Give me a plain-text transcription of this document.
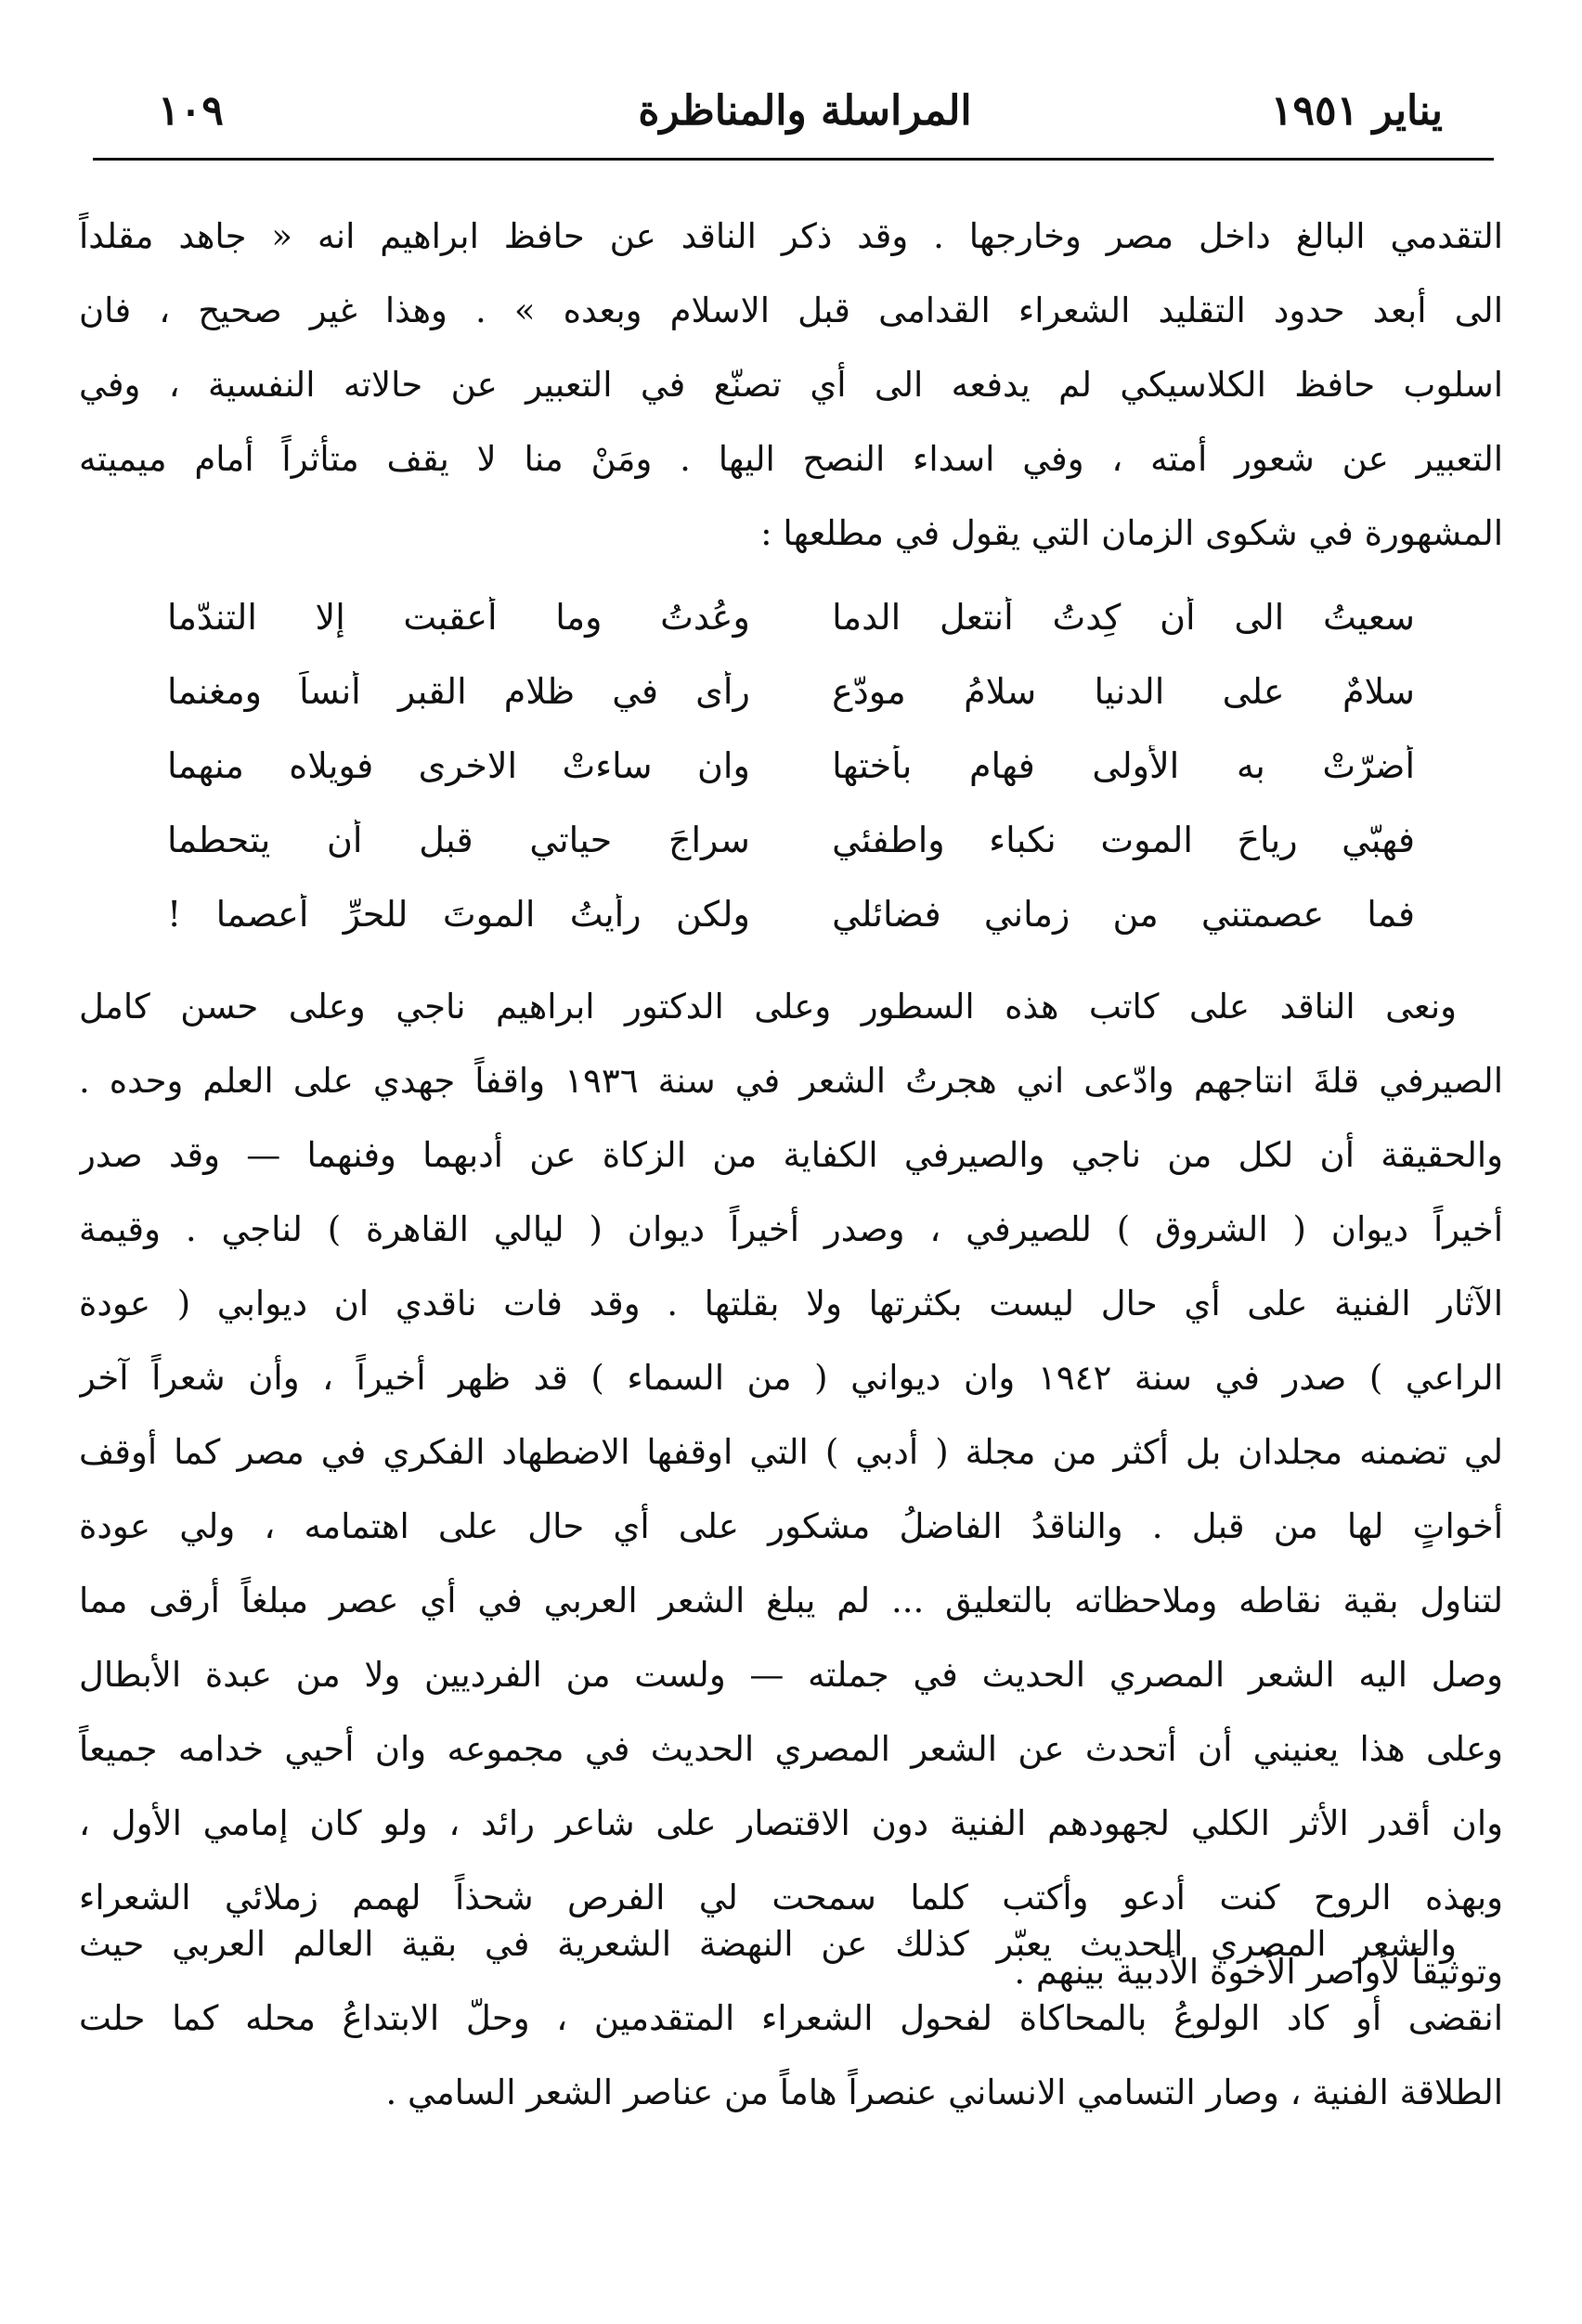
١٠٩	المراسلة والمناظرة	يناير ١٩٥١
التقدمي البالغ داخل مصر وخارجها . وقد ذكر الناقد عن حافظ ابراهيم انه « جاهد مقلداً
الى أبعد حدود التقليد الشعراء القدامى قبل الاسلام وبعده » . وهذا غير صحيح ، فان
اسلوب حافظ الكلاسيكي لم يدفعه الى أي تصنّع في التعبير عن حالاته النفسية ، وفي
التعبير عن شعور أمته ، وفي اسداء النصح اليها . ومَنْ منا لا يقف متأثراً أمام ميميته
المشهورة في شكوى الزمان التي يقول في مطلعها :
سعيتُ الى أن كِدتُ أنتعل الدما
وعُدتُ وما أعقبت إلا التندّما
سلامٌ على الدنيا سلامُ مودّعٍ
رأى في ظلام القبر أنساً ومغنما
أضرّتْ به الأولى فهام بأختها
وان ساءتْ الاخرى فويلاه منهما
فهبّي رياحَ الموت نكباء واطفئي
سراجَ حياتي قبل أن يتحطما
فما عصمتني من زماني فضائلي
ولكن رأيتُ الموتَ للحرِّ أعصما !
ونعى الناقد على كاتب هذه السطور وعلى الدكتور ابراهيم ناجي وعلى حسن كامل
الصيرفي قلةَ انتاجهم وادّعى اني هجرتُ الشعر في سنة ١٩٣٦ واقفاً جهدي على العلم وحده .
والحقيقة أن لكل من ناجي والصيرفي الكفاية من الزكاة عن أدبهما وفنهما — وقد صدر
أخيراً ديوان ( الشروق ) للصيرفي ، وصدر أخيراً ديوان ( ليالي القاهرة ) لناجي . وقيمة
الآثار الفنية على أي حال ليست بكثرتها ولا بقلتها . وقد فات ناقدي ان ديوابي ( عودة
الراعي ) صدر في سنة ١٩٤٢ وان ديواني ( من السماء ) قد ظهر أخيراً ، وأن شعراً آخر
لي تضمنه مجلدان بل أكثر من مجلة ( أدبي ) التي اوقفها الاضطهاد الفكري في مصر كما أوقف
أخواتٍ لها من قبل . والناقدُ الفاضلُ مشكور على أي حال على اهتمامه ، ولي عودة
لتناول بقية نقاطه وملاحظاته بالتعليق ... لم يبلغ الشعر العربي في أي عصر مبلغاً أرقى مما
وصل اليه الشعر المصري الحديث في جملته — ولست من الفرديين ولا من عبدة الأبطال
وعلى هذا يعنيني أن أتحدث عن الشعر المصري الحديث في مجموعه وان أحيي خدامه جميعاً
وان أقدر الأثر الكلي لجهودهم الفنية دون الاقتصار على شاعر رائد ، ولو كان إمامي الأول ،
وبهذه الروح كنت أدعو وأكتب كلما سمحت لي الفرص شحذاً لهمم زملائي الشعراء
وتوثيقاً لأواصر الأخوة الأدبية بينهم .
والشعر المصري الحديث يعبّر كذلك عن النهضة الشعرية في بقية العالم العربي حيث
انقضى أو كاد الولوعُ بالمحاكاة لفحول الشعراء المتقدمين ، وحلّ الابتداعُ محله كما حلت
الطلاقة الفنية ، وصار التسامي الانساني عنصراً هاماً من عناصر الشعر السامي .
